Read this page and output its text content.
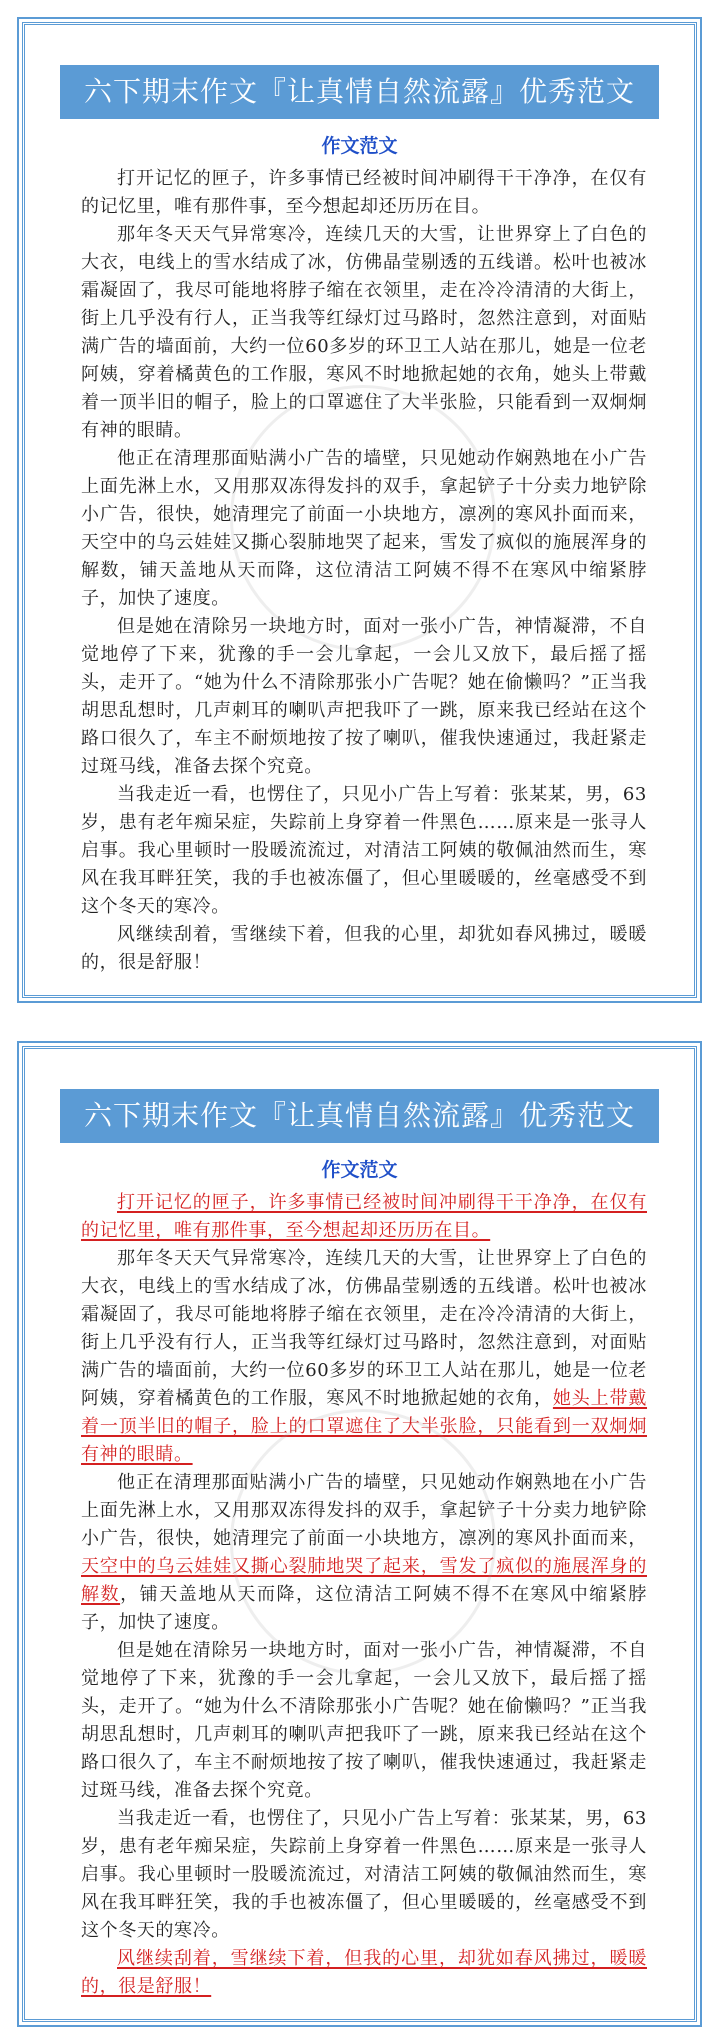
六下期末作文『让真情自然流露』优秀范文
作文范文

打开记忆的匣子，许多事情已经被时间冲刷得干干净净，在仅有的记忆里，唯有那件事，至今想起却还历历在目。

那年冬天天气异常寒冷，连续几天的大雪，让世界穿上了白色的大衣，电线上的雪水结成了冰，仿佛晶莹剔透的五线谱。松叶也被冰霜凝固了，我尽可能地将脖子缩在衣领里，走在冷冷清清的大街上，街上几乎没有行人，正当我等红绿灯过马路时，忽然注意到，对面贴满广告的墙面前，大约一位60多岁的环卫工人站在那儿，她是一位老阿姨，穿着橘黄色的工作服，寒风不时地掀起她的衣角，她头上带戴着一顶半旧的帽子，脸上的口罩遮住了大半张脸，只能看到一双炯炯有神的眼睛。

他正在清理那面贴满小广告的墙壁，只见她动作娴熟地在小广告上面先淋上水，又用那双冻得发抖的双手，拿起铲子十分卖力地铲除小广告，很快，她清理完了前面一小块地方，凛冽的寒风扑面而来，天空中的乌云娃娃又撕心裂肺地哭了起来，雪发了疯似的施展浑身的解数，铺天盖地从天而降，这位清洁工阿姨不得不在寒风中缩紧脖子，加快了速度。

但是她在清除另一块地方时，面对一张小广告，神情凝滞，不自觉地停了下来，犹豫的手一会儿拿起，一会儿又放下，最后摇了摇头，走开了。“她为什么不清除那张小广告呢？她在偷懒吗？”正当我胡思乱想时，几声刺耳的喇叭声把我吓了一跳，原来我已经站在这个路口很久了，车主不耐烦地按了按了喇叭，催我快速通过，我赶紧走过斑马线，准备去探个究竟。

当我走近一看，也愣住了，只见小广告上写着：张某某，男，63岁，患有老年痴呆症，失踪前上身穿着一件黑色……原来是一张寻人启事。我心里顿时一股暖流流过，对清洁工阿姨的敬佩油然而生，寒风在我耳畔狂笑，我的手也被冻僵了，但心里暖暖的，丝毫感受不到这个冬天的寒冷。

风继续刮着，雪继续下着，但我的心里，却犹如春风拂过，暖暖的，很是舒服！

六下期末作文『让真情自然流露』优秀范文
作文范文

打开记忆的匣子，许多事情已经被时间冲刷得干干净净，在仅有的记忆里，唯有那件事，至今想起却还历历在目。

那年冬天天气异常寒冷，连续几天的大雪，让世界穿上了白色的大衣，电线上的雪水结成了冰，仿佛晶莹剔透的五线谱。松叶也被冰霜凝固了，我尽可能地将脖子缩在衣领里，走在冷冷清清的大街上，街上几乎没有行人，正当我等红绿灯过马路时，忽然注意到，对面贴满广告的墙面前，大约一位60多岁的环卫工人站在那儿，她是一位老阿姨，穿着橘黄色的工作服，寒风不时地掀起她的衣角，她头上带戴着一顶半旧的帽子，脸上的口罩遮住了大半张脸，只能看到一双炯炯有神的眼睛。

他正在清理那面贴满小广告的墙壁，只见她动作娴熟地在小广告上面先淋上水，又用那双冻得发抖的双手，拿起铲子十分卖力地铲除小广告，很快，她清理完了前面一小块地方，凛冽的寒风扑面而来，天空中的乌云娃娃又撕心裂肺地哭了起来，雪发了疯似的施展浑身的解数，铺天盖地从天而降，这位清洁工阿姨不得不在寒风中缩紧脖子，加快了速度。

但是她在清除另一块地方时，面对一张小广告，神情凝滞，不自觉地停了下来，犹豫的手一会儿拿起，一会儿又放下，最后摇了摇头，走开了。“她为什么不清除那张小广告呢？她在偷懒吗？”正当我胡思乱想时，几声刺耳的喇叭声把我吓了一跳，原来我已经站在这个路口很久了，车主不耐烦地按了按了喇叭，催我快速通过，我赶紧走过斑马线，准备去探个究竟。

当我走近一看，也愣住了，只见小广告上写着：张某某，男，63岁，患有老年痴呆症，失踪前上身穿着一件黑色……原来是一张寻人启事。我心里顿时一股暖流流过，对清洁工阿姨的敬佩油然而生，寒风在我耳畔狂笑，我的手也被冻僵了，但心里暖暖的，丝毫感受不到这个冬天的寒冷。

风继续刮着，雪继续下着，但我的心里，却犹如春风拂过，暖暖的，很是舒服！
